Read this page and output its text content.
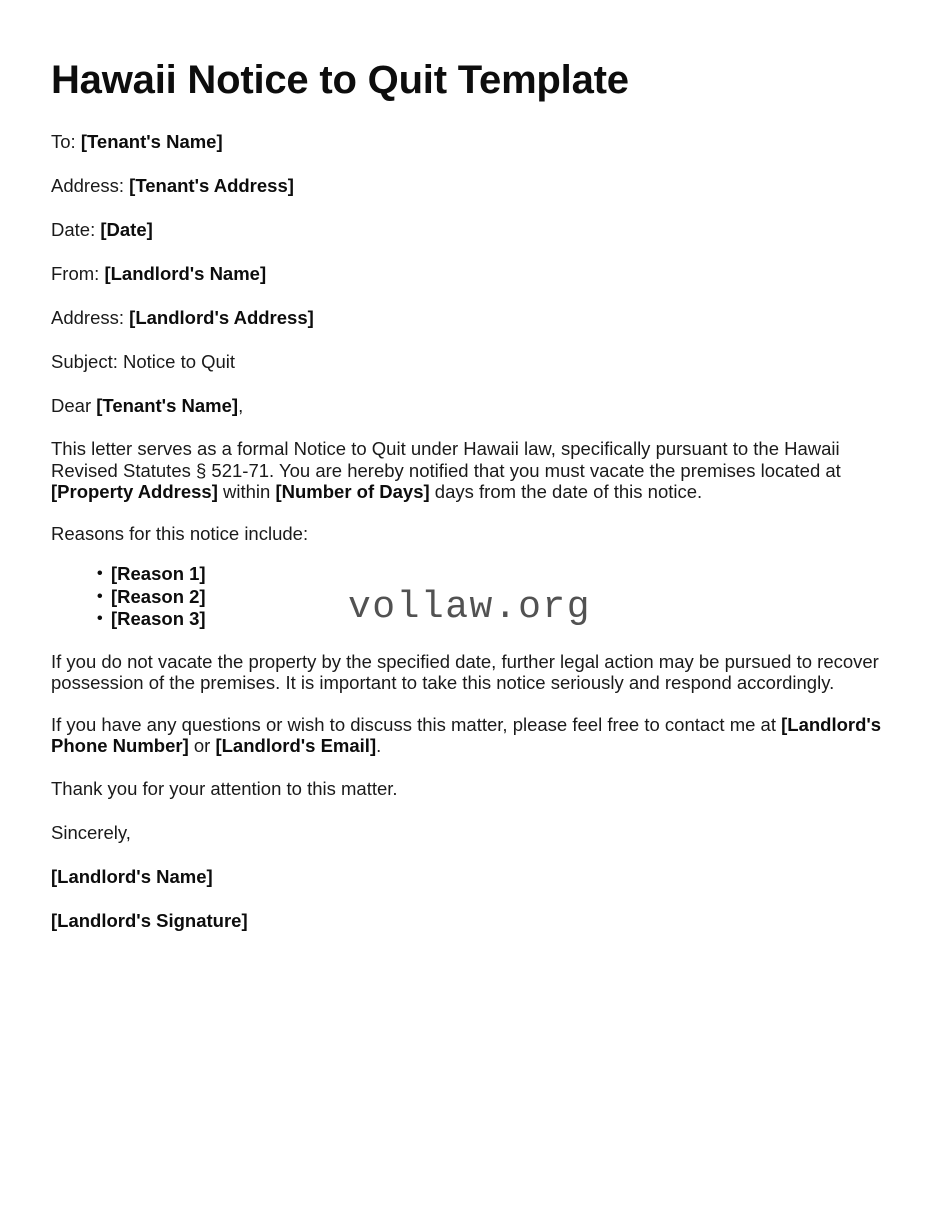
Hawaii Notice to Quit Template

To: [Tenant's Name]

Address: [Tenant's Address]

Date: [Date]

From: [Landlord's Name]

Address: [Landlord's Address]

Subject: Notice to Quit

Dear [Tenant's Name],

This letter serves as a formal Notice to Quit under Hawaii law, specifically pursuant to the Hawaii Revised Statutes § 521-71. You are hereby notified that you must vacate the premises located at [Property Address] within [Number of Days] days from the date of this notice.

Reasons for this notice include:

• [Reason 1]
• [Reason 2]
• [Reason 3]

If you do not vacate the property by the specified date, further legal action may be pursued to recover possession of the premises. It is important to take this notice seriously and respond accordingly.

If you have any questions or wish to discuss this matter, please feel free to contact me at [Landlord's Phone Number] or [Landlord's Email].

Thank you for your attention to this matter.

Sincerely,

[Landlord's Name]

[Landlord's Signature]

vollaw.org
